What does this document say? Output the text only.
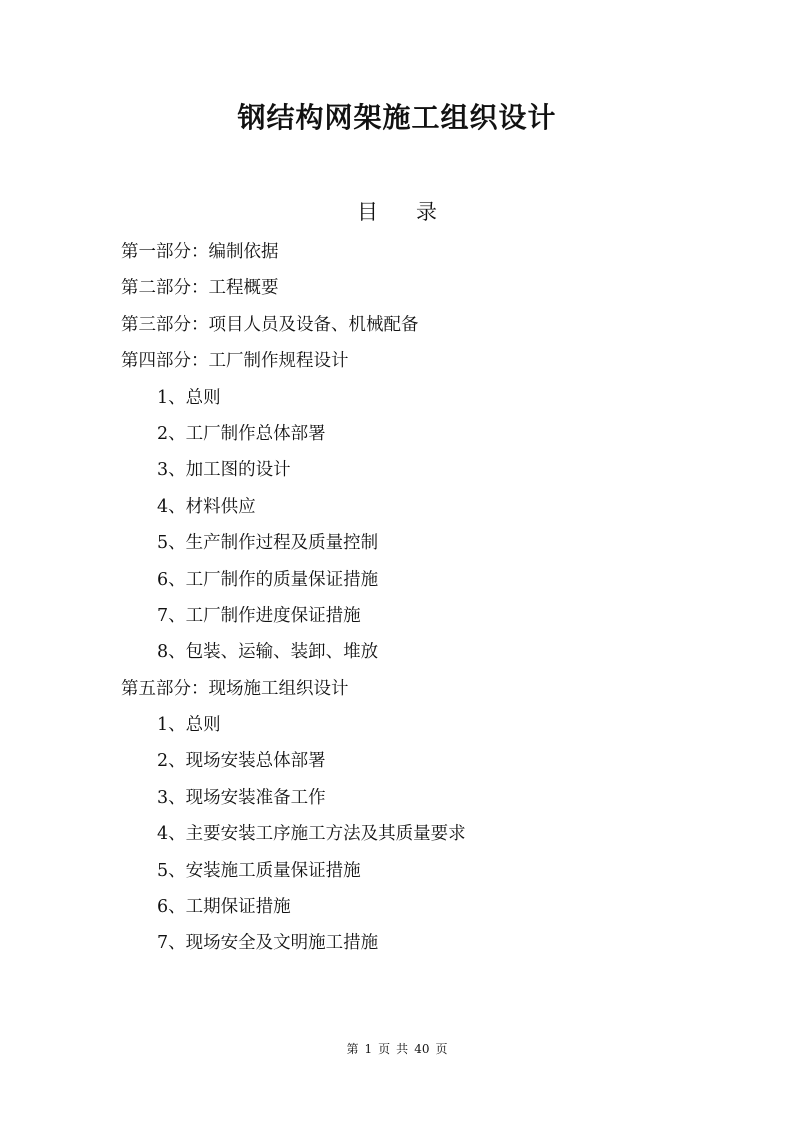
钢结构网架施工组织设计
目 录
第一部分：编制依据
第二部分：工程概要
第三部分：项目人员及设备、机械配备
第四部分：工厂制作规程设计
1、总则
2、工厂制作总体部署
3、加工图的设计
4、材料供应
5、生产制作过程及质量控制
6、工厂制作的质量保证措施
7、工厂制作进度保证措施
8、包装、运输、装卸、堆放
第五部分：现场施工组织设计
1、总则
2、现场安装总体部署
3、现场安装准备工作
4、主要安装工序施工方法及其质量要求
5、安装施工质量保证措施
6、工期保证措施
7、现场安全及文明施工措施
第 1 页 共 40 页
